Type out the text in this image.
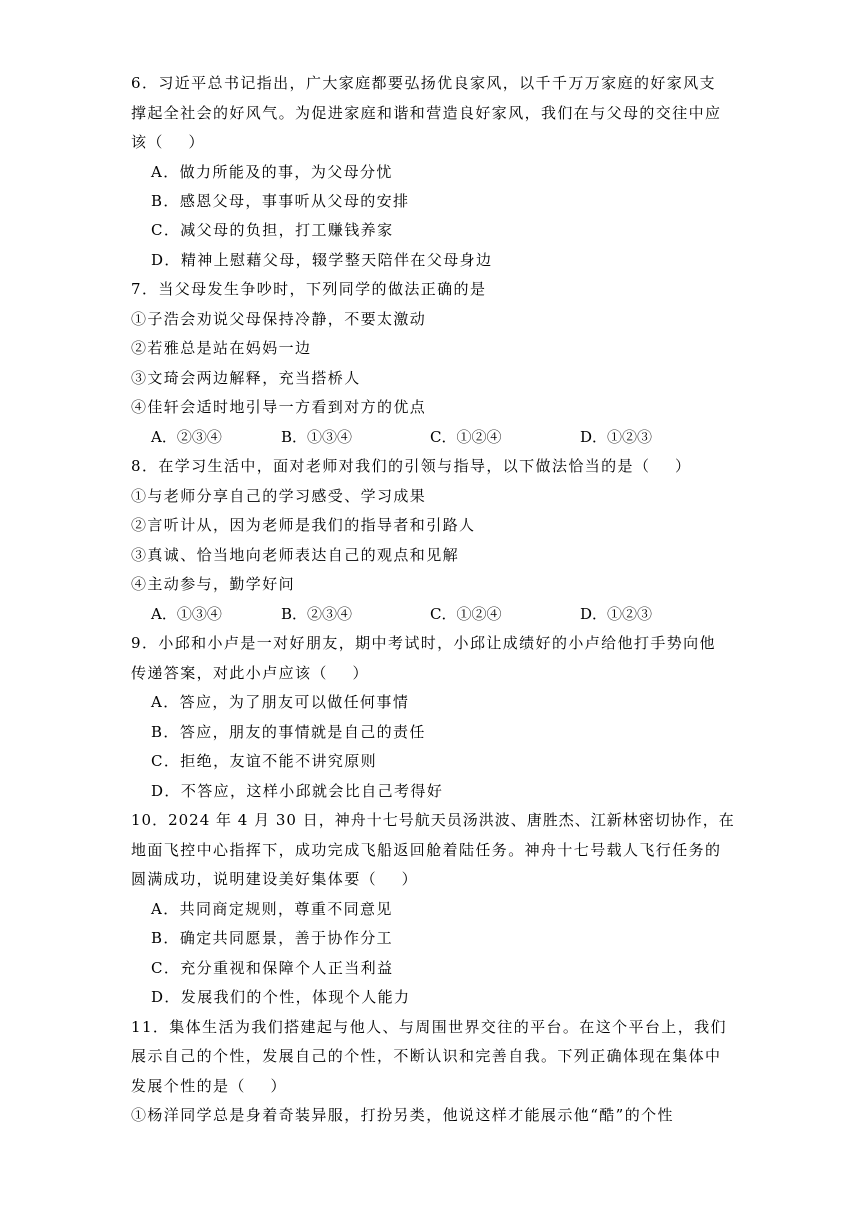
6．习近平总书记指出，广大家庭都要弘扬优良家风，以千千万万家庭的好家风支
撑起全社会的好风气。为促进家庭和谐和营造良好家风，我们在与父母的交往中应
该（    ）
A．做力所能及的事，为父母分忧
B．感恩父母，事事听从父母的安排
C．减父母的负担，打工赚钱养家
D．精神上慰藉父母，辍学整天陪伴在父母身边
7．当父母发生争吵时，下列同学的做法正确的是
①子浩会劝说父母保持冷静，不要太激动
②若雅总是站在妈妈一边
③文琦会两边解释，充当搭桥人
④佳轩会适时地引导一方看到对方的优点
A．②③④	B．①③④	C．①②④	D．①②③
8．在学习生活中，面对老师对我们的引领与指导，以下做法恰当的是（    ）
①与老师分享自己的学习感受、学习成果
②言听计从，因为老师是我们的指导者和引路人
③真诚、恰当地向老师表达自己的观点和见解
④主动参与，勤学好问
A．①③④	B．②③④	C．①②④	D．①②③
9．小邱和小卢是一对好朋友，期中考试时，小邱让成绩好的小卢给他打手势向他
传递答案，对此小卢应该（    ）
A．答应，为了朋友可以做任何事情
B．答应，朋友的事情就是自己的责任
C．拒绝，友谊不能不讲究原则
D．不答应，这样小邱就会比自己考得好
10．2024 年 4 月 30 日，神舟十七号航天员汤洪波、唐胜杰、江新林密切协作，在
地面飞控中心指挥下，成功完成飞船返回舱着陆任务。神舟十七号载人飞行任务的
圆满成功，说明建设美好集体要（    ）
A．共同商定规则，尊重不同意见
B．确定共同愿景，善于协作分工
C．充分重视和保障个人正当利益
D．发展我们的个性，体现个人能力
11．集体生活为我们搭建起与他人、与周围世界交往的平台。在这个平台上，我们
展示自己的个性，发展自己的个性，不断认识和完善自我。下列正确体现在集体中
发展个性的是（    ）
①杨洋同学总是身着奇装异服，打扮另类，他说这样才能展示他“酷”的个性
